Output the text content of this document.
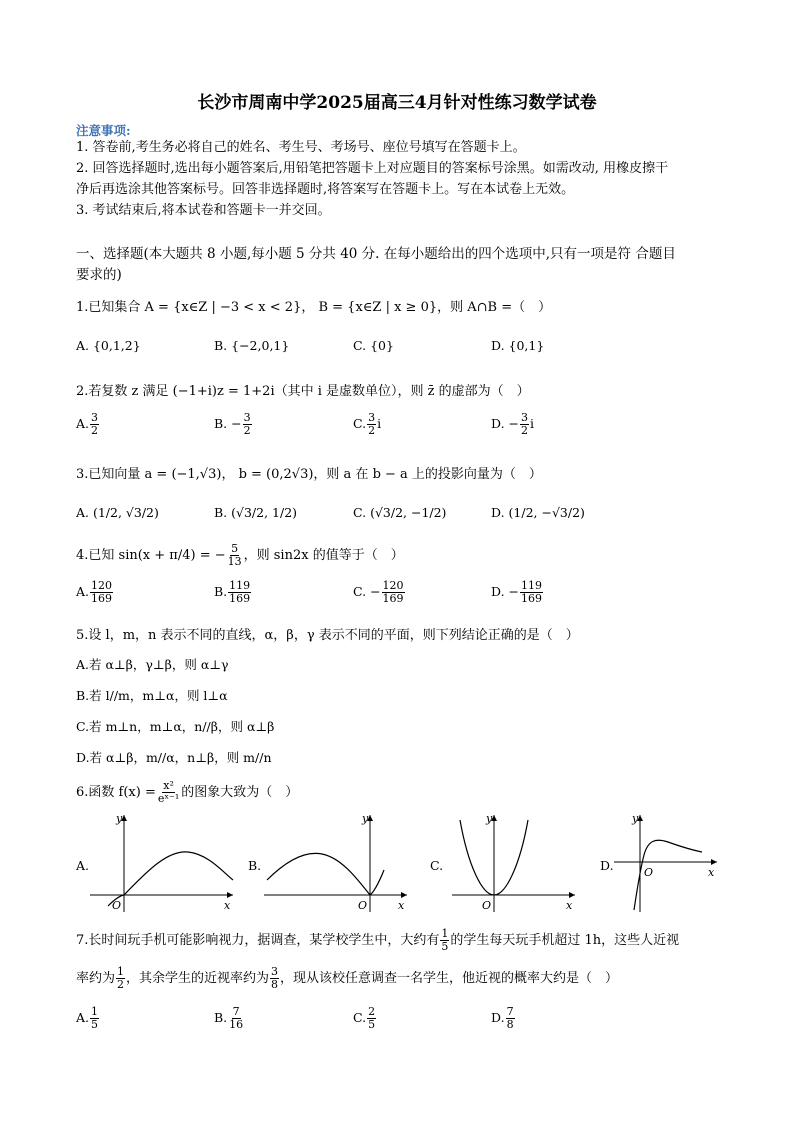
长沙市周南中学2025届高三4月针对性练习数学试卷
注意事项:
1. 答卷前,考生务必将自己的姓名、考生号、考场号、座位号填写在答题卡上。
2. 回答选择题时,选出每小题答案后,用铅笔把答题卡上对应题目的答案标号涂黑。如需改动, 用橡皮擦干
净后再选涂其他答案标号。回答非选择题时,将答案写在答题卡上。写在本试卷上无效。
3. 考试结束后,将本试卷和答题卡一并交回。
一、选择题(本大题共 8 小题,每小题 5 分共 40 分. 在每小题给出的四个选项中,只有一项是符 合题目
要求的)
1.已知集合 A = {x∈Z | −3 < x < 2}， B = {x∈Z | x ≥ 0}，则 A∩B =（　）
A. {0,1,2}	B. {−2,0,1}	C. {0}	D. {0,1}
2.若复数 z 满足 (−1+i)z = 1+2i（其中 i 是虚数单位），则 z̄ 的虚部为（　）
A. $\frac{3}{2}$	B. − $\frac{3}{2}$	C. $\frac{3}{2}$ i	D. − $\frac{3}{2}$ i
3.已知向量 a = (−1,√3)， b = (0,2√3)，则 a 在 b − a 上的投影向量为（　）
A. (1/2, √3/2)	B. (√3/2, 1/2)	C. (√3/2, −1/2)	D. (1/2, −√3/2)
4.已知 sin(x + π/4) = − $\frac{5}{13}$ ，则 sin2x 的值等于（　）
A. $\frac{120}{169}$	B. $\frac{119}{169}$	C. − $\frac{120}{169}$	D. − $\frac{119}{169}$
5.设 l，m，n 表示不同的直线，α，β，γ 表示不同的平面，则下列结论正确的是（　）
A.若 α⊥β，γ⊥β，则 α⊥γ
B.若 l//m，m⊥α，则 l⊥α
C.若 m⊥n，m⊥α，n//β，则 α⊥β
D.若 α⊥β，m//α，n⊥β，则 m//n
6.函数 $f(x) = \frac{\text{x²}}{\text{eˣ⁻¹}}$ 的图象大致为（　）
A.	B.	C.	D.
y
x
O
y
x
O
y
x
O
y
x
O
7.长时间玩手机可能影响视力，据调查，某学校学生中，大约有 $\frac{1}{5}$ 的学生每天玩手机超过 1h，这些人近视
率约为 $\frac{1}{2}$ ，其余学生的近视率约为 $\frac{3}{8}$ ，现从该校任意调查一名学生，他近视的概率大约是（　）
A. $\frac{1}{5}$	B. $\frac{7}{16}$	C. $\frac{2}{5}$	D. $\frac{7}{8}$
